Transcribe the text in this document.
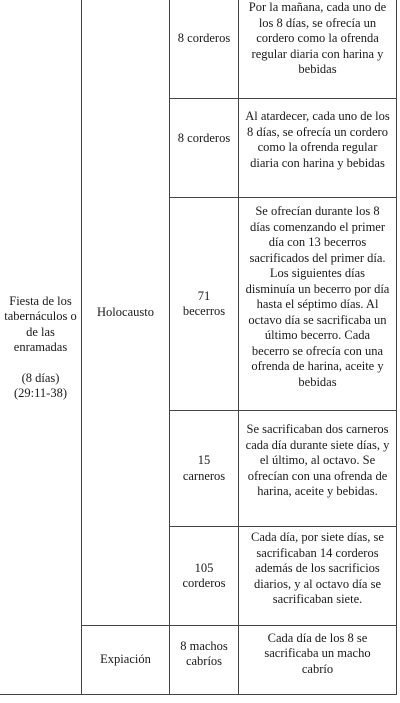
Fiesta de los tabernáculos o de las enramadas
(8 días)
(29:11-38)
Holocausto
Expiación
8 corderos
Por la mañana, cada uno de los 8 días, se ofrecía un cordero como la ofrenda regular diaria con harina y bebidas
8 corderos
Al atardecer, cada uno de los 8 días, se ofrecía un cordero como la ofrenda regular diaria con harina y bebidas
71 becerros
Se ofrecían durante los 8 días comenzando el primer día con 13 becerros sacrificados del primer día. Los siguientes días disminuía un becerro por día hasta el séptimo días. Al octavo día se sacrificaba un último becerro. Cada becerro se ofrecía con una ofrenda de harina, aceite y bebidas
15 carneros
Se sacrificaban dos carneros cada día durante siete días, y el último, al octavo. Se ofrecían con una ofrenda de harina, aceite y bebidas.
105 corderos
Cada día, por siete días, se sacrificaban 14 corderos además de los sacrificios diarios, y al octavo día se sacrificaban siete.
8 machos cabríos
Cada día de los 8 se sacrificaba un macho cabrío
